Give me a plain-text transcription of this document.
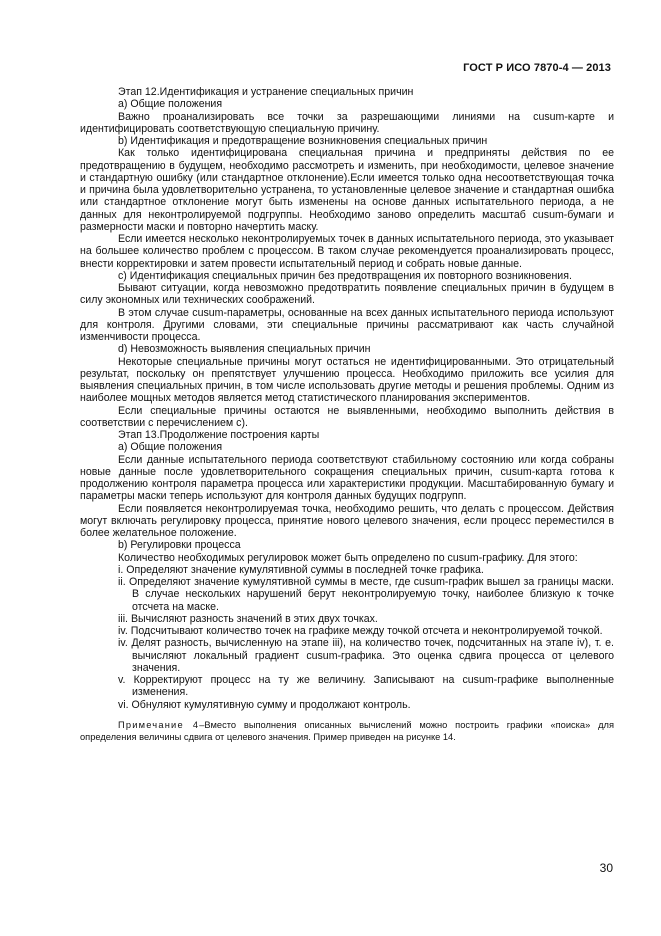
ГОСТ Р ИСО 7870-4 — 2013

Этап 12.Идентификация и устранение специальных причин

а) Общие положения

Важно проанализировать все точки за разрешающими линиями на cusum-карте и идентифицировать соответствующую специальную причину.

b) Идентификация и предотвращение возникновения специальных причин

Как только идентифицирована специальная причина и предприняты действия по ее предотвращению в будущем, необходимо рассмотреть и изменить, при необходимости, целевое значение и стандартную ошибку (или стандартное отклонение).Если имеется только одна несоответствующая точка и причина была удовлетворительно устранена, то установленные целевое значение и стандартная ошибка или стандартное отклонение могут быть изменены на основе данных испытательного периода, а не данных для неконтролируемой подгруппы. Необходимо заново определить масштаб cusum-бумаги и размерности маски и повторно начертить маску.

Если имеется несколько неконтролируемых точек в данных испытательного периода, это указывает на большее количество проблем с процессом. В таком случае рекомендуется проанализировать процесс, внести корректировки и затем провести испытательный период и собрать новые данные.

c) Идентификация специальных причин без предотвращения их повторного возникновения.

Бывают ситуации, когда невозможно предотвратить появление специальных причин в будущем в силу экономных или технических соображений.

В этом случае cusum-параметры, основанные на всех данных испытательного периода используют для контроля. Другими словами, эти специальные причины рассматривают как часть случайной изменчивости процесса.

d) Невозможность выявления специальных причин

Некоторые специальные причины могут остаться не идентифицированными. Это отрицательный результат, поскольку он препятствует улучшению процесса. Необходимо приложить все усилия для выявления специальных причин, в том числе использовать другие методы и решения проблемы. Одним из наиболее мощных методов является метод статистического планирования экспериментов.

Если специальные причины остаются не выявленными, необходимо выполнить действия в соответствии с перечислением с).

Этап 13.Продолжение построения карты

а) Общие положения

Если данные испытательного периода соответствуют стабильному состоянию или когда собраны новые данные после удовлетворительного сокращения специальных причин, cusum-карта готова к продолжению контроля параметра процесса или характеристики продукции. Масштабированную бумагу и параметры маски теперь используют для контроля данных будущих подгрупп.

Если появляется неконтролируемая точка, необходимо решить, что делать с процессом. Действия могут включать регулировку процесса, принятие нового целевого значения, если процесс переместился в более желательное положение.

b) Регулировки процесса

Количество необходимых регулировок может быть определено по cusum-графику. Для этого:

i. Определяют значение кумулятивной суммы в последней точке графика.

ii. Определяют значение кумулятивной суммы в месте, где cusum-график вышел за границы маски. В случае нескольких нарушений берут неконтролируемую точку, наиболее близкую к точке отсчета на маске.

iii. Вычисляют разность значений в этих двух точках.

iv. Подсчитывают количество точек на графике между точкой отсчета и неконтролируемой точкой.

iv. Делят разность, вычисленную на этапе iii), на количество точек, подсчитанных на этапе iv), т. е. вычисляют локальный градиент cusum-графика. Это оценка сдвига процесса от целевого значения.

v. Корректируют процесс на ту же величину. Записывают на cusum-графике выполненные изменения.

vi. Обнуляют кумулятивную сумму и продолжают контроль.

Примечание 4–Вместо выполнения описанных вычислений можно построить графики «поиска» для определения величины сдвига от целевого значения. Пример приведен на рисунке 14.

30
